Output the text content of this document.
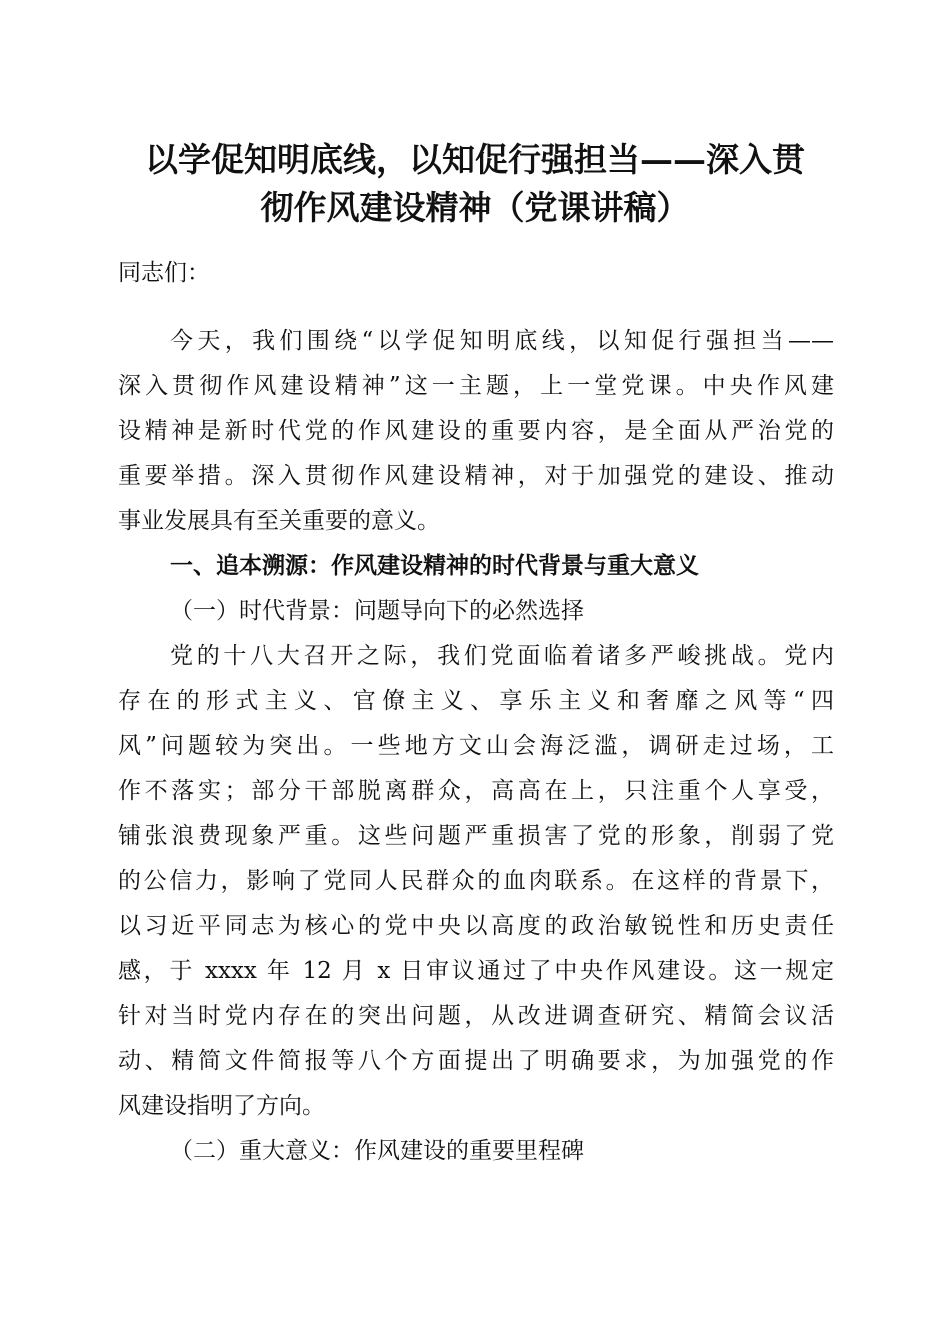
以学促知明底线，以知促行强担当——深入贯
彻作风建设精神（党课讲稿）

同志们：

今天，我们围绕“以学促知明底线，以知促行强担当——

深入贯彻作风建设精神”这一主题，上一堂党课。中央作风建

设精神是新时代党的作风建设的重要内容，是全面从严治党的

重要举措。深入贯彻作风建设精神，对于加强党的建设、推动

事业发展具有至关重要的意义。

一、追本溯源：作风建设精神的时代背景与重大意义

（一）时代背景：问题导向下的必然选择

党的十八大召开之际，我们党面临着诸多严峻挑战。党内

存在的形式主义、官僚主义、享乐主义和奢靡之风等“四

风”问题较为突出。一些地方文山会海泛滥，调研走过场，工

作不落实；部分干部脱离群众，高高在上，只注重个人享受，

铺张浪费现象严重。这些问题严重损害了党的形象，削弱了党

的公信力，影响了党同人民群众的血肉联系。在这样的背景下，

以习近平同志为核心的党中央以高度的政治敏锐性和历史责任

感，于 xxxx 年 12 月 x 日审议通过了中央作风建设。这一规定

针对当时党内存在的突出问题，从改进调查研究、精简会议活

动、精简文件简报等八个方面提出了明确要求，为加强党的作

风建设指明了方向。

（二）重大意义：作风建设的重要里程碑
